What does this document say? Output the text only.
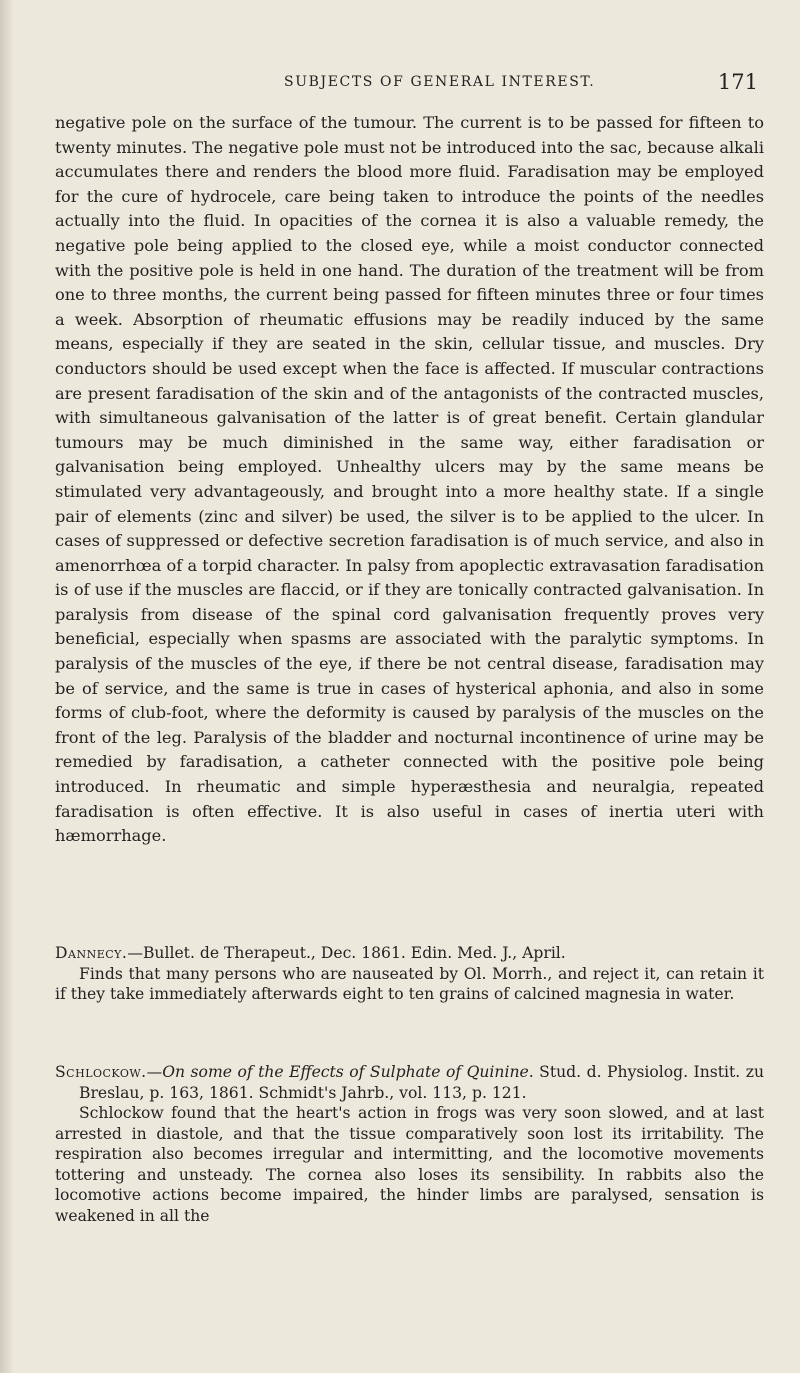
SUBJECTS OF GENERAL INTEREST.	171

negative pole on the surface of the tumour. The current is to be passed for fifteen to twenty minutes. The negative pole must not be introduced into the sac, because alkali accumulates there and renders the blood more fluid. Faradisation may be employed for the cure of hydrocele, care being taken to introduce the points of the needles actually into the fluid. In opacities of the cornea it is also a valuable remedy, the negative pole being applied to the closed eye, while a moist conductor connected with the positive pole is held in one hand. The duration of the treatment will be from one to three months, the current being passed for fifteen minutes three or four times a week. Absorption of rheumatic effusions may be readily induced by the same means, especially if they are seated in the skin, cellular tissue, and muscles. Dry conductors should be used except when the face is affected. If muscular contractions are present faradisation of the skin and of the antagonists of the contracted muscles, with simultaneous galvanisation of the latter is of great benefit. Certain glandular tumours may be much diminished in the same way, either faradisation or galvanisation being employed. Unhealthy ulcers may by the same means be stimulated very advantageously, and brought into a more healthy state. If a single pair of elements (zinc and silver) be used, the silver is to be applied to the ulcer. In cases of suppressed or defective secretion faradisation is of much service, and also in amenorrhœa of a torpid character. In palsy from apoplectic extravasation faradisation is of use if the muscles are flaccid, or if they are tonically contracted galvanisation. In paralysis from disease of the spinal cord galvanisation frequently proves very beneficial, especially when spasms are associated with the paralytic symptoms. In paralysis of the muscles of the eye, if there be not central disease, faradisation may be of service, and the same is true in cases of hysterical aphonia, and also in some forms of club-foot, where the deformity is caused by paralysis of the muscles on the front of the leg. Paralysis of the bladder and nocturnal incontinence of urine may be remedied by faradisation, a catheter connected with the positive pole being introduced. In rheumatic and simple hyperæsthesia and neuralgia, repeated faradisation is often effective. It is also useful in cases of inertia uteri with hæmorrhage.

Dannecy.—Bullet. de Therapeut., Dec. 1861. Edin. Med. J., April.

Finds that many persons who are nauseated by Ol. Morrh., and reject it, can retain it if they take immediately afterwards eight to ten grains of calcined magnesia in water.

Schlockow.—On some of the Effects of Sulphate of Quinine. Stud. d. Physiolog. Instit. zu Breslau, p. 163, 1861. Schmidt's Jahrb., vol. 113, p. 121.

Schlockow found that the heart's action in frogs was very soon slowed, and at last arrested in diastole, and that the tissue comparatively soon lost its irritability. The respiration also becomes irregular and intermitting, and the locomotive movements tottering and unsteady. The cornea also loses its sensibility. In rabbits also the locomotive actions become impaired, the hinder limbs are paralysed, sensation is weakened in all the
